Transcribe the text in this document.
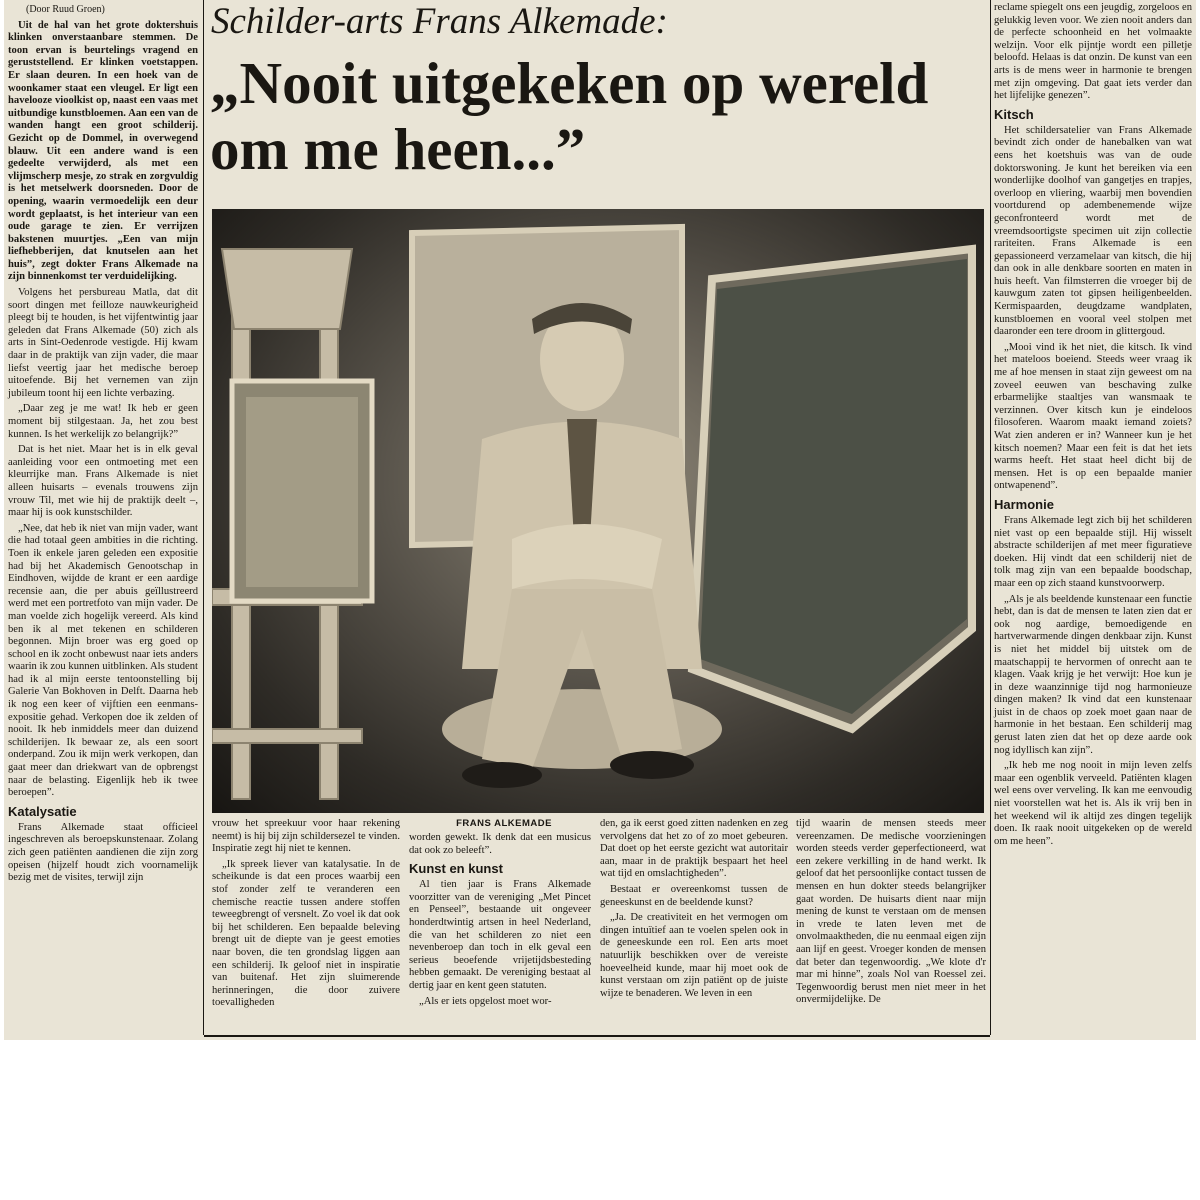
(Door Ruud Groen)

Uit de hal van het grote doktershuis klinken onverstaanbare stemmen. De toon ervan is beurtelings vragend en geruststellend. Er klinken voetstappen. Er slaan deuren. In een hoek van de woonkamer staat een vleugel. Er ligt een havelooze vioolkist op, naast een vaas met uitbundige kunstbloemen. Aan een van de wanden hangt een groot schilderij. Gezicht op de Dommel, in overwegend blauw. Uit een andere wand is een gedeelte verwijderd, als met een vlijmscherp mesje, zo strak en zorgvuldig is het metselwerk doorsneden. Door de opening, waarin vermoedelijk een deur wordt geplaatst, is het interieur van een oude garage te zien. Er verrijzen bakstenen muurtjes. „Een van mijn liefhebberijen, dat knutselen aan het huis”, zegt dokter Frans Alkemade na zijn binnenkomst ter verduidelijking.

Volgens het persbureau Matla, dat dit soort dingen met feilloze nauwkeurigheid pleegt bij te houden, is het vijfentwintig jaar geleden dat Frans Alkemade (50) zich als arts in Sint-Oedenrode vestigde. Hij kwam daar in de praktijk van zijn vader, die maar liefst veertig jaar het medische beroep uitoefende. Bij het vernemen van zijn jubileum toont hij een lichte verbazing.

„Daar zeg je me wat! Ik heb er geen moment bij stilgestaan. Ja, het zou best kunnen. Is het werkelijk zo belangrijk?”

Dat is het niet. Maar het is in elk geval aanleiding voor een ontmoeting met een kleurrijke man. Frans Alkemade is niet alleen huisarts – evenals trouwens zijn vrouw Til, met wie hij de praktijk deelt –, maar hij is ook kunstschilder.

„Nee, dat heb ik niet van mijn vader, want die had totaal geen ambities in die richting. Toen ik enkele jaren geleden een expositie had bij het Akademisch Genootschap in Eindhoven, wijdde de krant er een aardige recensie aan, die per abuis geïllustreerd werd met een portretfoto van mijn vader. De man voelde zich hogelijk vereerd. Als kind ben ik al met tekenen en schilderen begonnen. Mijn broer was erg goed op school en ik zocht onbewust naar iets anders waarin ik zou kunnen uitblinken. Als student had ik al mijn eerste tentoonstelling bij Galerie Van Bokhoven in Delft. Daarna heb ik nog een keer of vijftien een eenmans-expositie gehad. Verkopen doe ik zelden of nooit. Ik heb inmiddels meer dan duizend schilderijen. Ik bewaar ze, als een soort onderpand. Zou ik mijn werk verkopen, dan gaat meer dan driekwart van de opbrengst naar de belasting. Eigenlijk heb ik twee beroepen”.

Katalysatie

Frans Alkemade staat officieel ingeschreven als beroepskunstenaar. Zolang zich geen patiënten aandienen die zijn zorg opeisen (hijzelf houdt zich voornamelijk bezig met de visites, terwijl zijn

Schilder-arts Frans Alkemade:
„Nooit uitgekeken op wereld om me heen...”
FRANS ALKEMADE

vrouw het spreekuur voor haar rekening neemt) is hij bij zijn schildersezel te vinden. Inspiratie zegt hij niet te kennen.

„Ik spreek liever van katalysatie. In de scheikunde is dat een proces waarbij een stof zonder zelf te veranderen een chemische reactie tussen andere stoffen teweegbrengt of versnelt. Zo voel ik dat ook bij het schilderen. Een bepaalde beleving brengt uit de diepte van je geest emoties naar boven, die ten grondslag liggen aan een schilderij. Ik geloof niet in inspiratie van buitenaf. Het zijn sluimerende herinneringen, die door zuivere toevalligheden

worden gewekt. Ik denk dat een musicus dat ook zo beleeft”.

Kunst en kunst

Al tien jaar is Frans Alkemade voorzitter van de vereniging „Met Pincet en Penseel”, bestaande uit ongeveer honderdtwintig artsen in heel Nederland, die van het schilderen zo niet een nevenberoep dan toch in elk geval een serieus beoefende vrijetijdsbesteding hebben gemaakt. De vereniging bestaat al dertig jaar en kent geen statuten.

„Als er iets opgelost moet wor-

den, ga ik eerst goed zitten nadenken en zeg vervolgens dat het zo of zo moet gebeuren. Dat doet op het eerste gezicht wat autoritair aan, maar in de praktijk bespaart het heel wat tijd en omslachtigheden”.

Bestaat er overeenkomst tussen de geneeskunst en de beeldende kunst?

„Ja. De creativiteit en het vermogen om dingen intuïtief aan te voelen spelen ook in de geneeskunde een rol. Een arts moet natuurlijk beschikken over de vereiste hoeveelheid kunde, maar hij moet ook de kunst verstaan om zijn patiënt op de juiste wijze te benaderen. We leven in een

tijd waarin de mensen steeds meer vereenzamen. De medische voorzieningen worden steeds verder geperfectioneerd, wat een zekere verkilling in de hand werkt. Ik geloof dat het persoonlijke contact tussen de mensen en hun dokter steeds belangrijker gaat worden. De huisarts dient naar mijn mening de kunst te verstaan om de mensen in vrede te laten leven met de onvolmaaktheden, die nu eenmaal eigen zijn aan lijf en geest. Vroeger konden de mensen dat beter dan tegenwoordig. „We klote d'r mar mi hinne”, zoals Nol van Roessel zei. Tegenwoordig berust men niet meer in het onvermijdelijke. De

reclame spiegelt ons een jeugdig, zorgeloos en gelukkig leven voor. We zien nooit anders dan de perfecte schoonheid en het volmaakte welzijn. Voor elk pijntje wordt een pilletje beloofd. Helaas is dat onzin. De kunst van een arts is de mens weer in harmonie te brengen met zijn omgeving. Dat gaat iets verder dan het lijfelijke genezen”.

Kitsch

Het schildersatelier van Frans Alkemade bevindt zich onder de hanebalken van wat eens het koetshuis was van de oude doktorswoning. Je kunt het bereiken via een wonderlijke doolhof van gangetjes en trapjes, overloop en vliering, waarbij men bovendien voortdurend op adembenemende wijze geconfronteerd wordt met de vreemdsoortigste specimen uit zijn collectie rariteiten. Frans Alkemade is een gepassioneerd verzamelaar van kitsch, die hij dan ook in alle denkbare soorten en maten in huis heeft. Van filmsterren die vroeger bij de kauwgum zaten tot gipsen heiligenbeelden. Kermispaarden, deugdzame wandplaten, kunstbloemen en vooral veel stolpen met daaronder een tere droom in glittergoud.

„Mooi vind ik het niet, die kitsch. Ik vind het mateloos boeiend. Steeds weer vraag ik me af hoe mensen in staat zijn geweest om na zoveel eeuwen van beschaving zulke erbarmelijke staaltjes van wansmaak te verzinnen. Over kitsch kun je eindeloos filosoferen. Waarom maakt iemand zoiets? Wat zien anderen er in? Wanneer kun je het kitsch noemen? Maar een feit is dat het iets warms heeft. Het staat heel dicht bij de mensen. Het is op een bepaalde manier ontwapenend”.

Harmonie

Frans Alkemade legt zich bij het schilderen niet vast op een bepaalde stijl. Hij wisselt abstracte schilderijen af met meer figuratieve doeken. Hij vindt dat een schilderij niet de tolk mag zijn van een bepaalde boodschap, maar een op zich staand kunstvoorwerp.

„Als je als beeldende kunstenaar een functie hebt, dan is dat de mensen te laten zien dat er ook nog aardige, bemoedigende en hartverwarmende dingen denkbaar zijn. Kunst is niet het middel bij uitstek om de maatschappij te hervormen of onrecht aan te klagen. Vaak krijg je het verwijt: Hoe kun je in deze waanzinnige tijd nog harmonieuze dingen maken? Ik vind dat een kunstenaar juist in de chaos op zoek moet gaan naar de harmonie in het bestaan. Een schilderij mag gerust laten zien dat het op deze aarde ook nog idyllisch kan zijn”.

„Ik heb me nog nooit in mijn leven zelfs maar een ogenblik verveeld. Patiënten klagen wel eens over verveling. Ik kan me eenvoudig niet voorstellen wat het is. Als ik vrij ben in het weekend wil ik altijd zes dingen tegelijk doen. Ik raak nooit uitgekeken op de wereld om me heen”.
